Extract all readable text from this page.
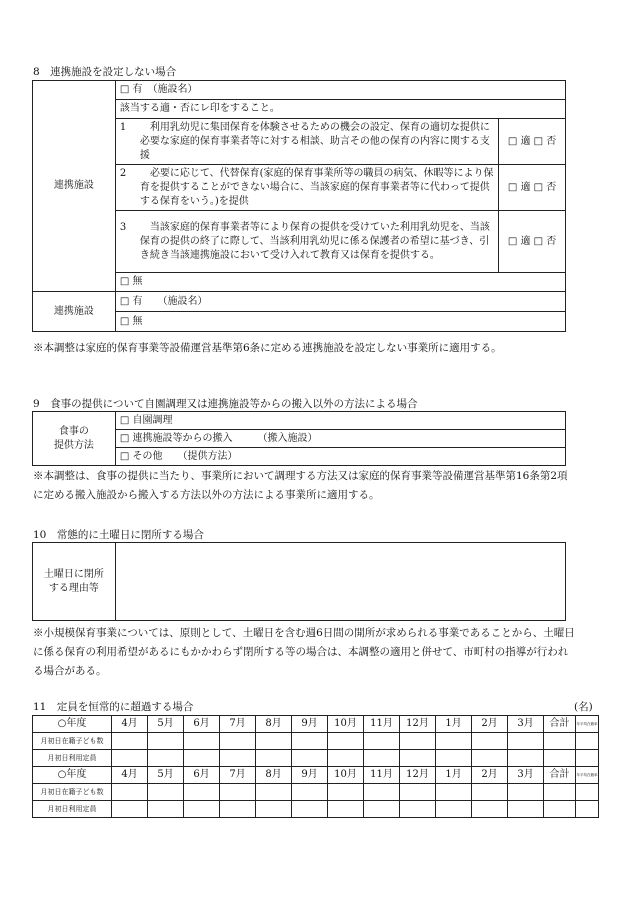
8　連携施設を設定しない場合
連携施設	□ 有　（施設名）	
	該当する適・否にレ印をすること。	

	1 　利用乳幼児に集団保育を体験させるための機会の設定、保育の適切な提供に必要な家庭的保育事業者等に対する相談、助言その他の保育の内容に関する支援	□ 適 □ 否

	2 　必要に応じて、代替保育(家庭的保育事業所等の職員の病気、休暇等により保育を提供することができない場合に、当該家庭的保育事業者等に代わって提供する保育をいう。)を提供	□ 適 □ 否

	3 　当該家庭的保育事業者等により保育の提供を受けていた利用乳幼児を、当該保育の提供の終了に際して、当該利用乳幼児に係る保護者の希望に基づき、引き続き当該連携施設において受け入れて教育又は保育を提供する。	□ 適 □ 否
	□ 無	
連携施設	□ 有　　（施設名）	
	□ 無	
※本調整は家庭的保育事業等設備運営基準第6条に定める連携施設を設定しない事業所に適用する。
9　食事の提供について自園調理又は連携施設等からの搬入以外の方法による場合
食事の
提供方法	□ 自園調理
□ 連携施設等からの搬入　　　（搬入施設）
□ その他　　（提供方法）
※本調整は、食事の提供に当たり、事業所において調理する方法又は家庭的保育事業等設備運営基準第16条第2項に定める搬入施設から搬入する方法以外の方法による事業所に適用する。
10　常態的に土曜日に閉所する場合
土曜日に閉所
する理由等	
※小規模保育事業については、原則として、土曜日を含む週6日間の開所が求められる事業であることから、土曜日に係る保育の利用希望があるにもかかわらず閉所する等の場合は、本調整の適用と併せて、市町村の指導が行われる場合がある。
11　定員を恒常的に超過する場合	(名)
○年度	4月	5月	6月	7月	8月	9月	10月	11月	12月	1月	2月	3月	合計	年平均在籍率
月初日在籍子ども数														
月初日利用定員														
○年度	4月	5月	6月	7月	8月	9月	10月	11月	12月	1月	2月	3月	合計	年平均在籍率
月初日在籍子ども数														
月初日利用定員														
